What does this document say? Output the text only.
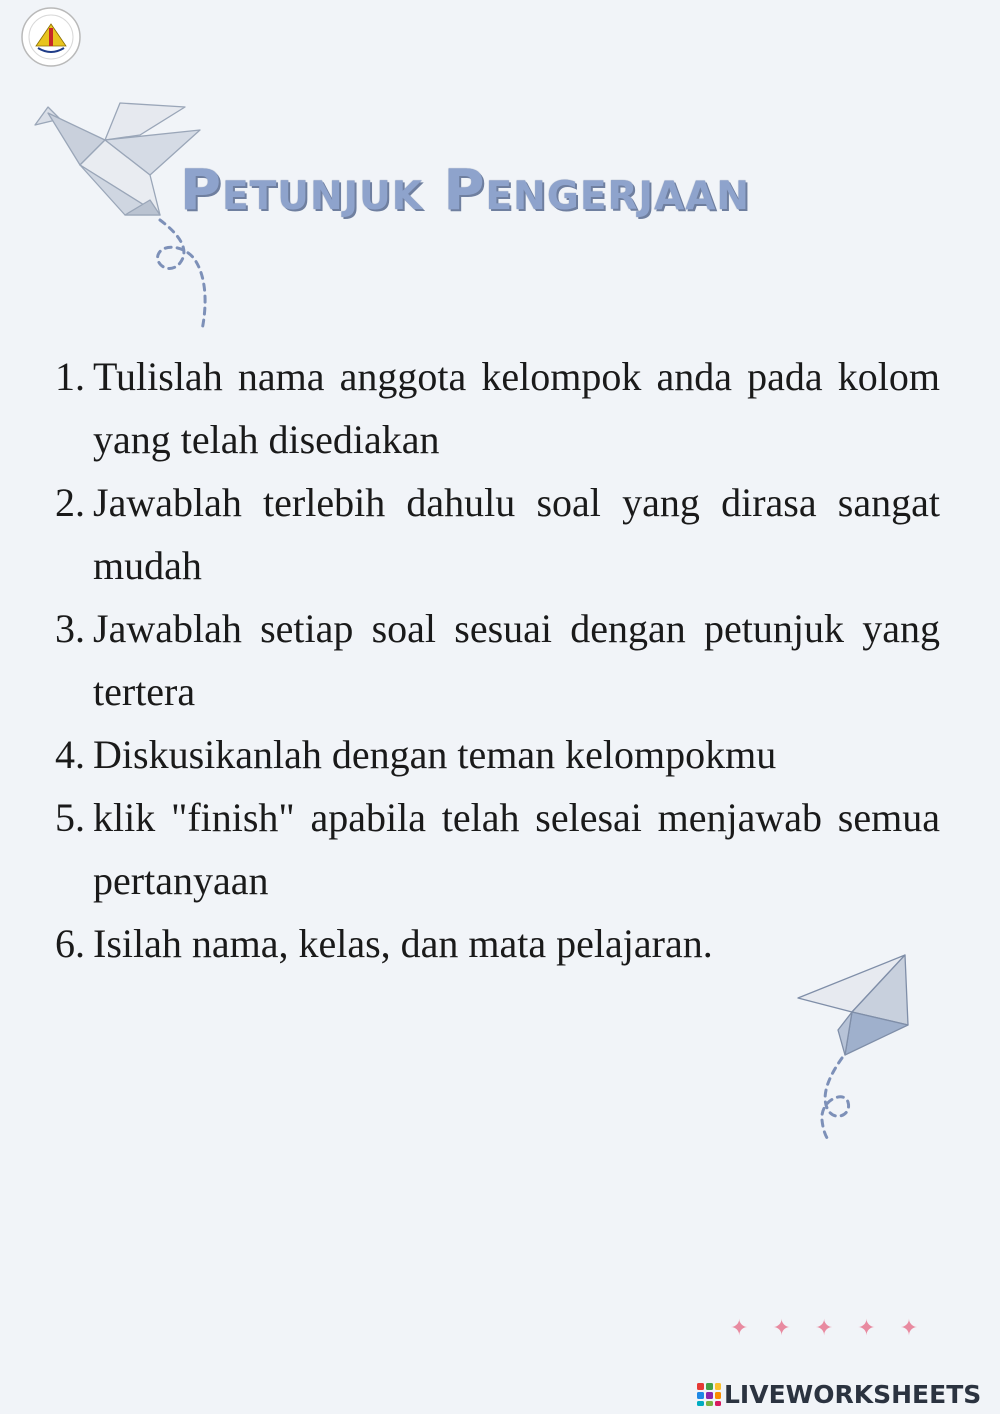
Petunjuk Pengerjaan
1. Tulislah nama anggota kelompok anda pada kolom yang telah disediakan
2. Jawablah terlebih dahulu soal yang dirasa sangat mudah
3. Jawablah setiap soal sesuai dengan petunjuk yang tertera
4. Diskusikanlah dengan teman kelompokmu
5. klik "finish" apabila telah selesai menjawab semua pertanyaan
6. Isilah nama, kelas, dan mata pelajaran.
✦✦✦✦✦
LIVEWORKSHEETS
